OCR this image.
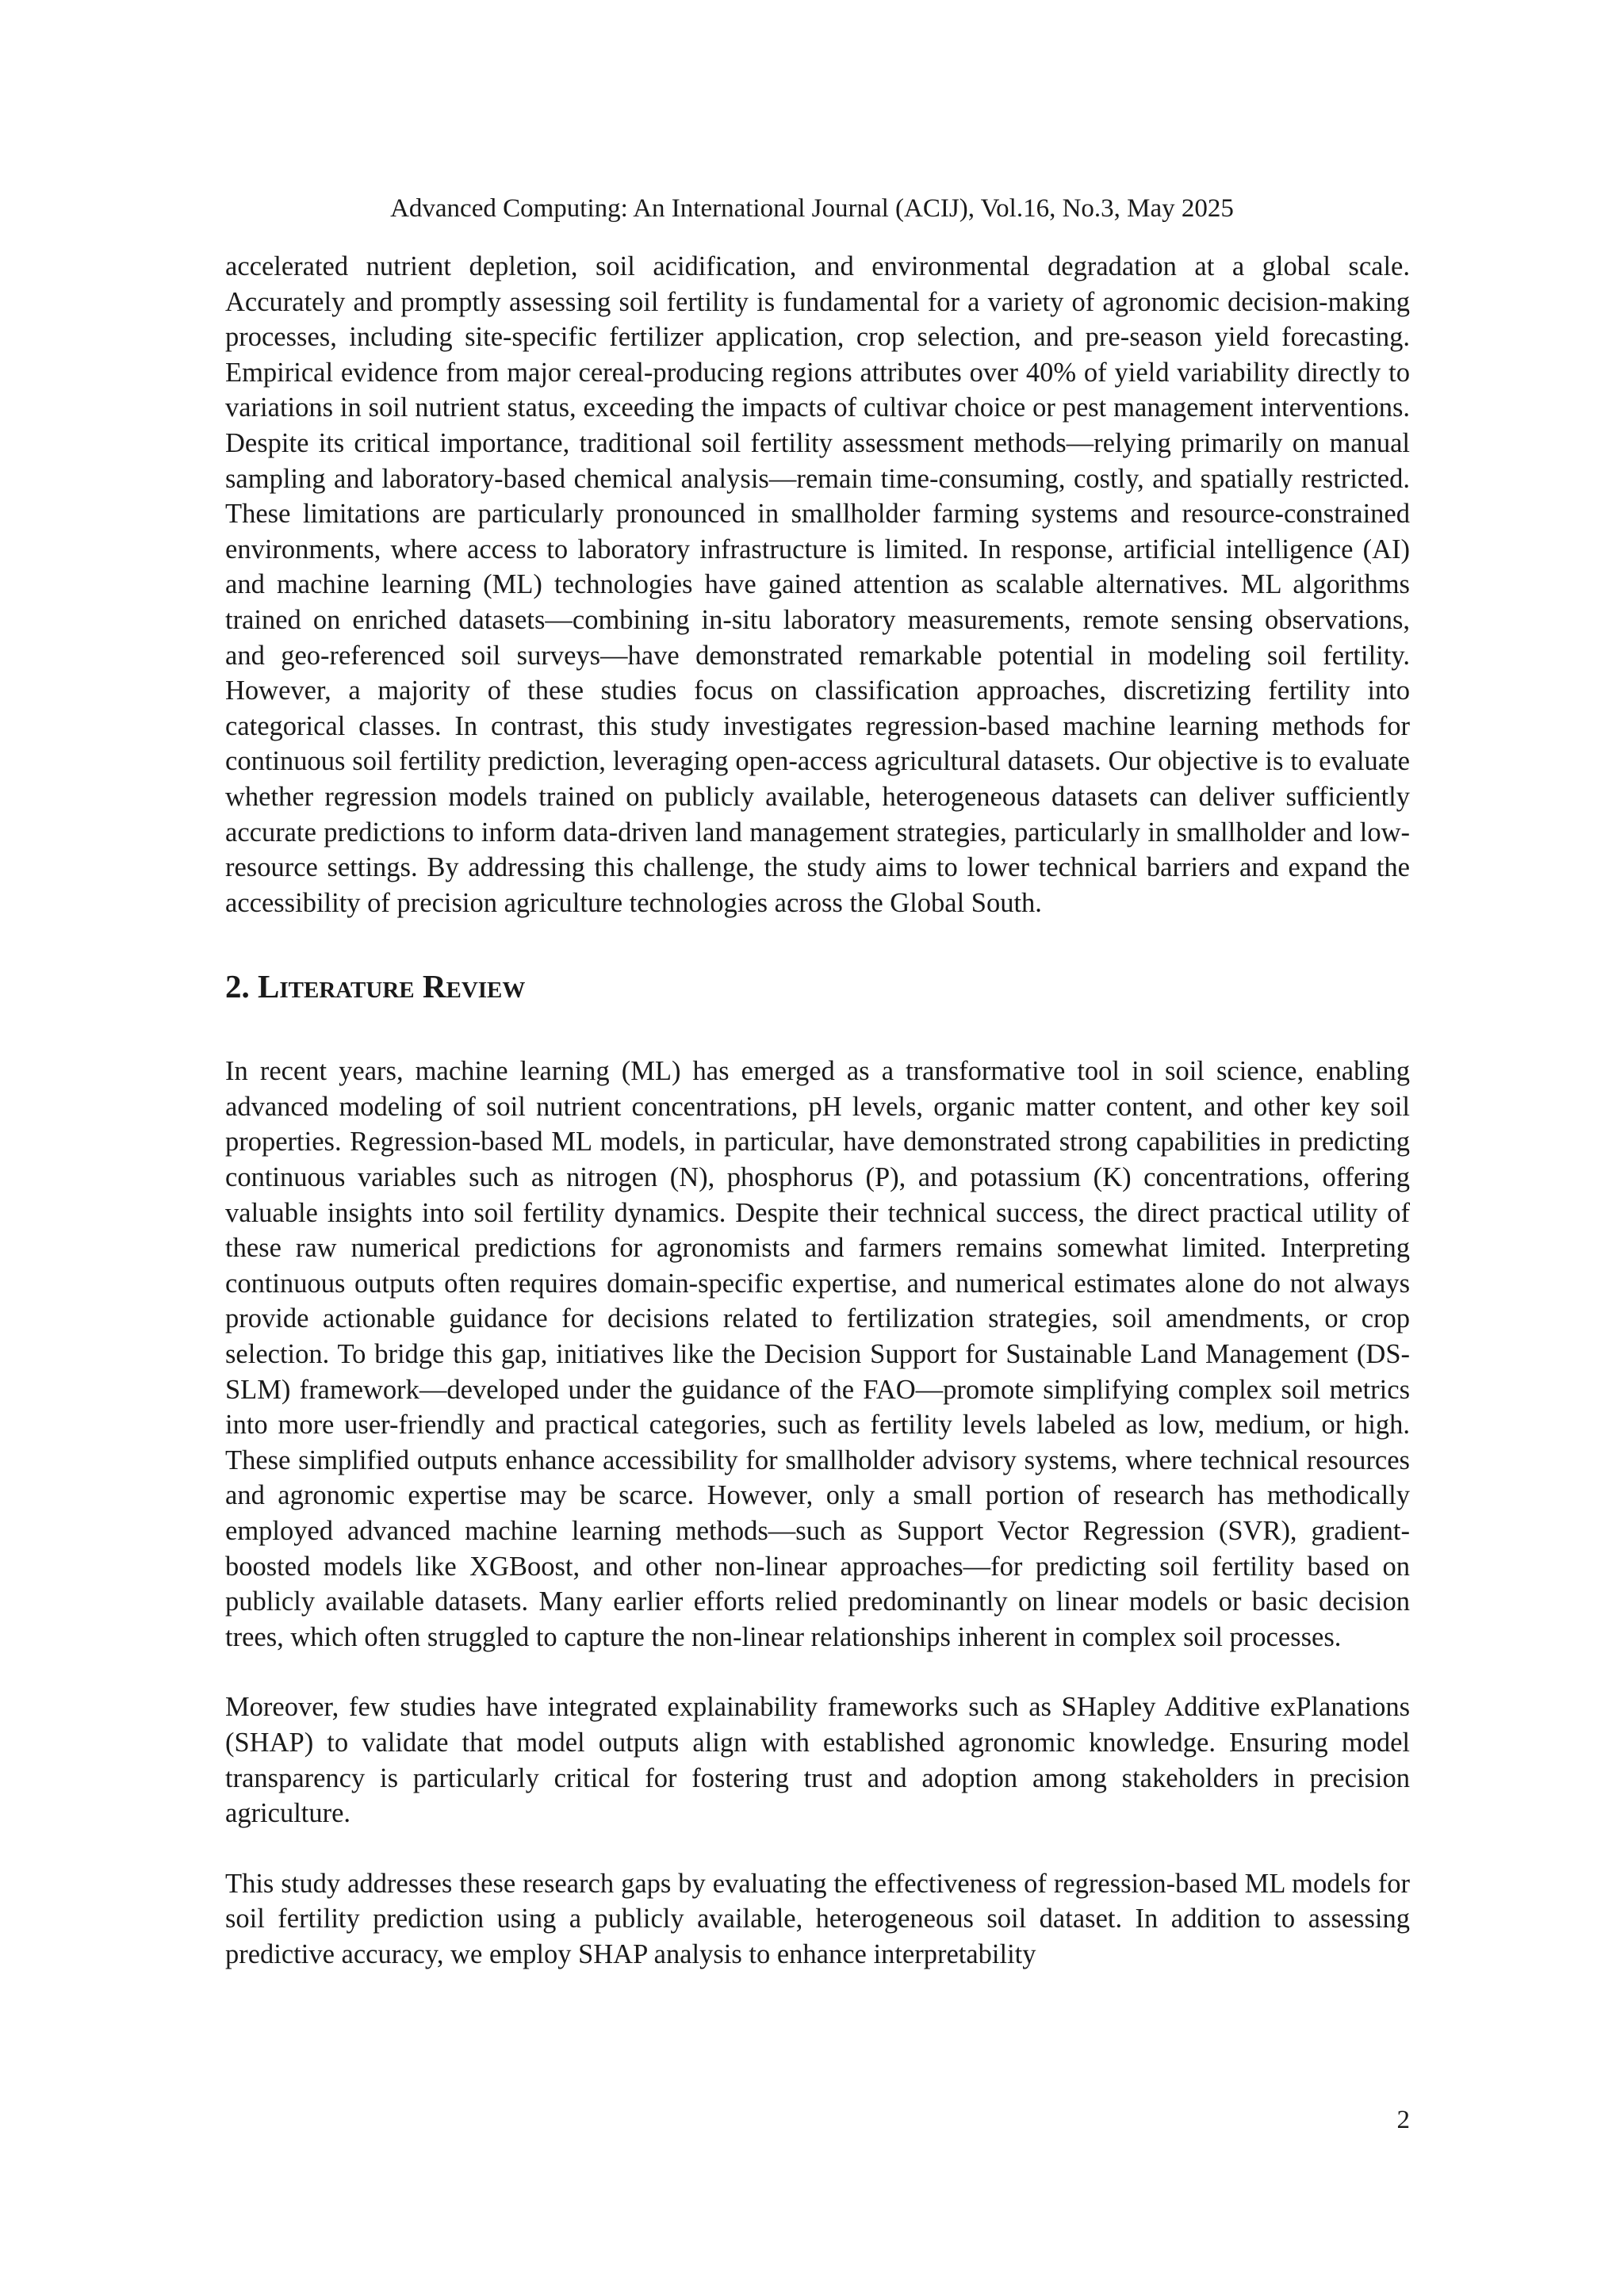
Advanced Computing: An International Journal (ACIJ), Vol.16, No.3, May 2025

accelerated nutrient depletion, soil acidification, and environmental degradation at a global scale. Accurately and promptly assessing soil fertility is fundamental for a variety of agronomic decision-making processes, including site-specific fertilizer application, crop selection, and pre-season yield forecasting. Empirical evidence from major cereal-producing regions attributes over 40% of yield variability directly to variations in soil nutrient status, exceeding the impacts of cultivar choice or pest management interventions. Despite its critical importance, traditional soil fertility assessment methods—relying primarily on manual sampling and laboratory-based chemical analysis—remain time-consuming, costly, and spatially restricted. These limitations are particularly pronounced in smallholder farming systems and resource-constrained environments, where access to laboratory infrastructure is limited. In response, artificial intelligence (AI) and machine learning (ML) technologies have gained attention as scalable alternatives. ML algorithms trained on enriched datasets—combining in-situ laboratory measurements, remote sensing observations, and geo-referenced soil surveys—have demonstrated remarkable potential in modeling soil fertility. However, a majority of these studies focus on classification approaches, discretizing fertility into categorical classes. In contrast, this study investigates regression-based machine learning methods for continuous soil fertility prediction, leveraging open-access agricultural datasets. Our objective is to evaluate whether regression models trained on publicly available, heterogeneous datasets can deliver sufficiently accurate predictions to inform data-driven land management strategies, particularly in smallholder and low-resource settings. By addressing this challenge, the study aims to lower technical barriers and expand the accessibility of precision agriculture technologies across the Global South.

2. Literature Review

In recent years, machine learning (ML) has emerged as a transformative tool in soil science, enabling advanced modeling of soil nutrient concentrations, pH levels, organic matter content, and other key soil properties. Regression-based ML models, in particular, have demonstrated strong capabilities in predicting continuous variables such as nitrogen (N), phosphorus (P), and potassium (K) concentrations, offering valuable insights into soil fertility dynamics. Despite their technical success, the direct practical utility of these raw numerical predictions for agronomists and farmers remains somewhat limited. Interpreting continuous outputs often requires domain-specific expertise, and numerical estimates alone do not always provide actionable guidance for decisions related to fertilization strategies, soil amendments, or crop selection. To bridge this gap, initiatives like the Decision Support for Sustainable Land Management (DS-SLM) framework—developed under the guidance of the FAO—promote simplifying complex soil metrics into more user-friendly and practical categories, such as fertility levels labeled as low, medium, or high. These simplified outputs enhance accessibility for smallholder advisory systems, where technical resources and agronomic expertise may be scarce. However, only a small portion of research has methodically employed advanced machine learning methods—such as Support Vector Regression (SVR), gradient-boosted models like XGBoost, and other non-linear approaches—for predicting soil fertility based on publicly available datasets. Many earlier efforts relied predominantly on linear models or basic decision trees, which often struggled to capture the non-linear relationships inherent in complex soil processes.

Moreover, few studies have integrated explainability frameworks such as SHapley Additive exPlanations (SHAP) to validate that model outputs align with established agronomic knowledge. Ensuring model transparency is particularly critical for fostering trust and adoption among stakeholders in precision agriculture.

This study addresses these research gaps by evaluating the effectiveness of regression-based ML models for soil fertility prediction using a publicly available, heterogeneous soil dataset. In addition to assessing predictive accuracy, we employ SHAP analysis to enhance interpretability

2
